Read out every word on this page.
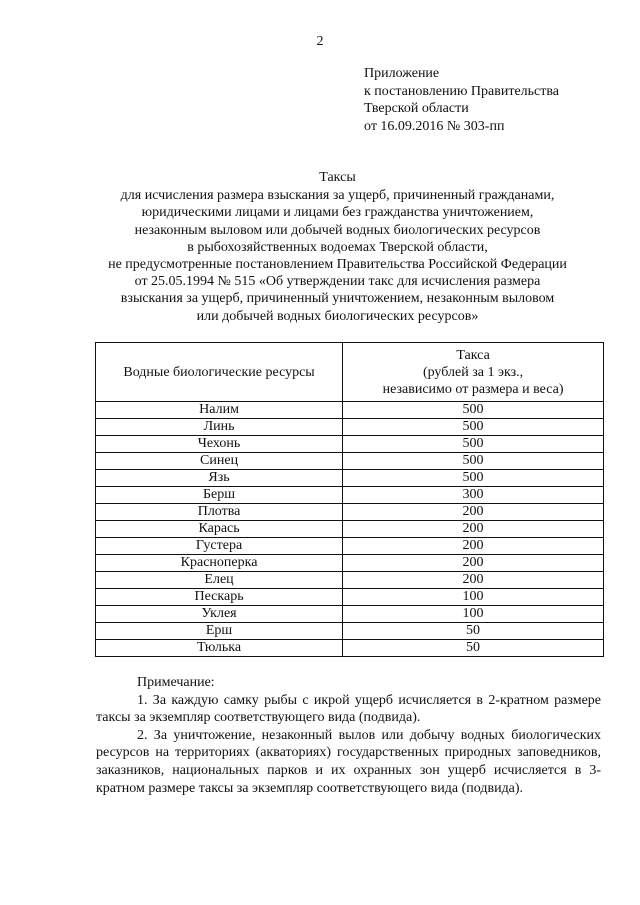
2
Приложение
к постановлению Правительства
Тверской области
от 16.09.2016 № 303-пп
Таксы
для исчисления размера взыскания за ущерб, причиненный гражданами,
юридическими лицами и лицами без гражданства уничтожением,
незаконным выловом или добычей водных биологических ресурсов
в рыбохозяйственных водоемах Тверской области,
не предусмотренные постановлением Правительства Российской Федерации
от 25.05.1994 № 515 «Об утверждении такс для исчисления размера
взыскания за ущерб, причиненный уничтожением, незаконным выловом
или добычей водных биологических ресурсов»
Водные биологические ресурсы	Такса
(рублей за 1 экз.,
независимо от размера и веса)

Налим	500
Линь	500
Чехонь	500
Синец	500
Язь	500
Берш	300
Плотва	200
Карась	200
Густера	200
Красноперка	200
Елец	200
Пескарь	100
Уклея	100
Ерш	50
Тюлька	50
Примечание:

1. За каждую самку рыбы с икрой ущерб исчисляется в 2-кратном размере таксы за экземпляр соответствующего вида (подвида).

2. За уничтожение, незаконный вылов или добычу водных биологических ресурсов на территориях (акваториях) государственных природных заповедников, заказников, национальных парков и их охранных зон ущерб исчисляется в 3-кратном размере таксы за экземпляр соответствующего вида (подвида).
